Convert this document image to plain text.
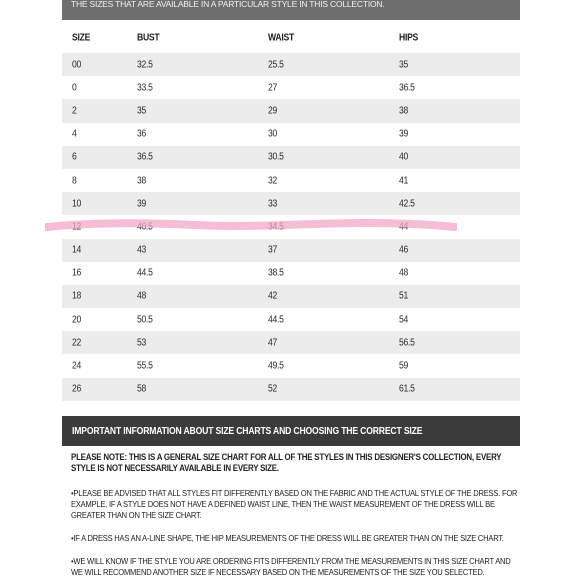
THE SIZES THAT ARE AVAILABLE IN A PARTICULAR STYLE IN THIS COLLECTION.
SIZE	BUST	WAIST	HIPS
00	32.5	25.5	35
0	33.5	27	36.5
2	35	29	38
4	36	30	39
6	36.5	30.5	40
8	38	32	41
10	39	33	42.5
12	40.5	34.5	44
14	43	37	46
16	44.5	38.5	48
18	48	42	51
20	50.5	44.5	54
22	53	47	56.5
24	55.5	49.5	59
26	58	52	61.5
IMPORTANT INFORMATION ABOUT SIZE CHARTS AND CHOOSING THE CORRECT SIZE

PLEASE NOTE: THIS IS A GENERAL SIZE CHART FOR ALL OF THE STYLES IN THIS DESIGNER'S COLLECTION, EVERY STYLE IS NOT NECESSARILY AVAILABLE IN EVERY SIZE.

•PLEASE BE ADVISED THAT ALL STYLES FIT DIFFERENTLY BASED ON THE FABRIC AND THE ACTUAL STYLE OF THE DRESS. FOR EXAMPLE, IF A STYLE DOES NOT HAVE A DEFINED WAIST LINE, THEN THE WAIST MEASUREMENT OF THE DRESS WILL BE GREATER THAN ON THE SIZE CHART.

•IF A DRESS HAS AN A-LINE SHAPE, THE HIP MEASUREMENTS OF THE DRESS WILL BE GREATER THAN ON THE SIZE CHART.

•WE WILL KNOW IF THE STYLE YOU ARE ORDERING FITS DIFFERENTLY FROM THE MEASUREMENTS IN THIS SIZE CHART AND WE WILL RECOMMEND ANOTHER SIZE IF NECESSARY BASED ON THE MEASUREMENTS OF THE SIZE YOU SELECTED.
